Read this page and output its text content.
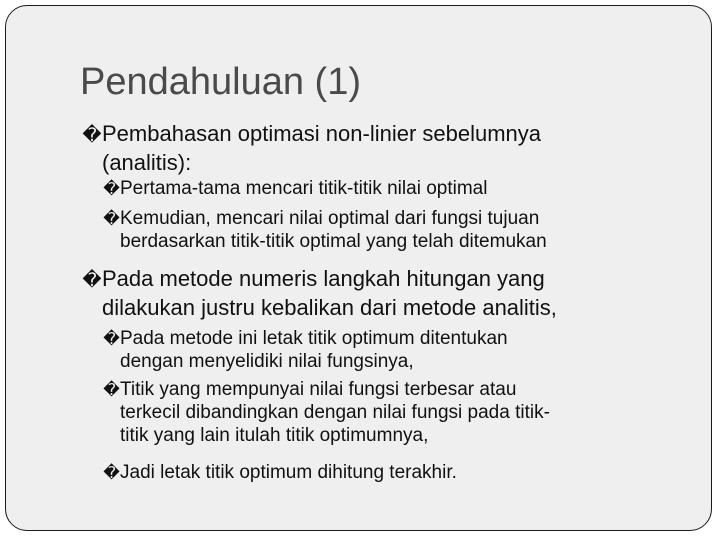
Pendahuluan (1)
�Pembahasan optimasi non-linier sebelumnya
(analitis):
�Pertama-tama mencari titik-titik nilai optimal
�Kemudian, mencari nilai optimal dari fungsi tujuan
berdasarkan titik-titik optimal yang telah ditemukan
�Pada metode numeris langkah hitungan yang
dilakukan justru kebalikan dari metode analitis,
�Pada metode ini letak titik optimum ditentukan
dengan menyelidiki nilai fungsinya,
�Titik yang mempunyai nilai fungsi terbesar atau
terkecil dibandingkan dengan nilai fungsi pada titik-
titik yang lain itulah titik optimumnya,
�Jadi letak titik optimum dihitung terakhir.
